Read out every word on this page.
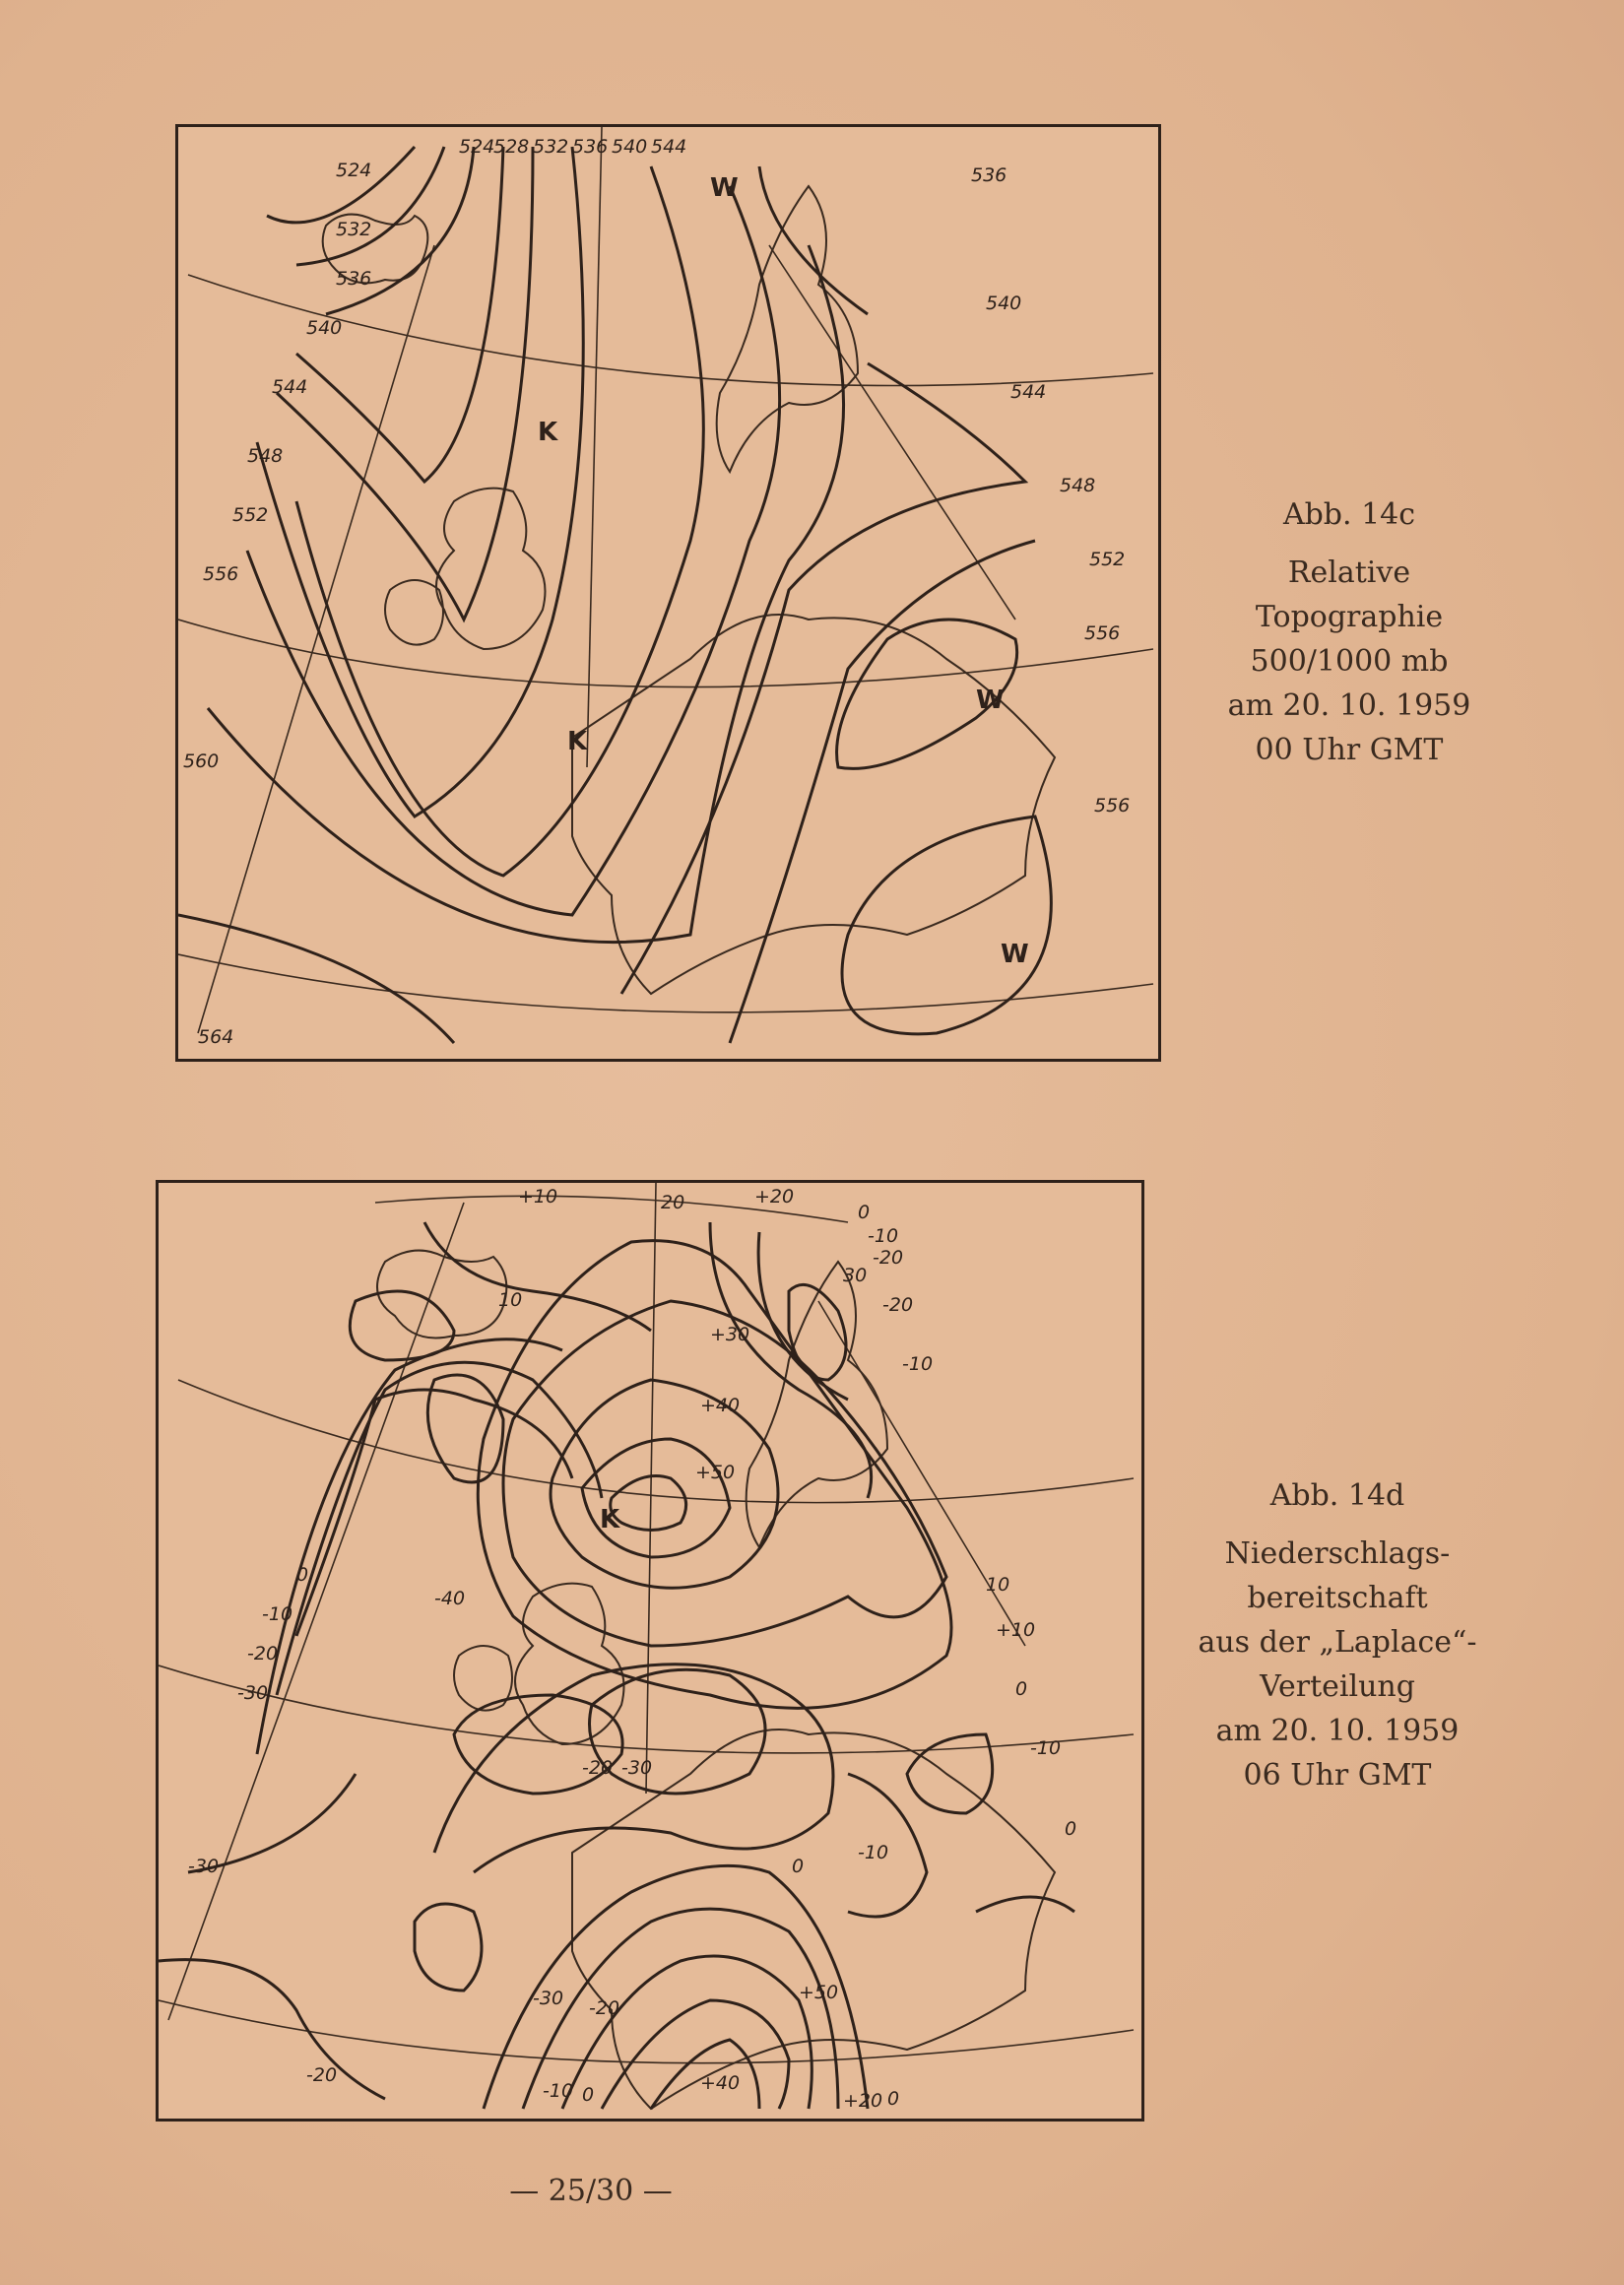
524
528 532 536 540 544
524
532
536
540
544
548
552
556
560
564
536
540
544
548
552
556
556
W
K
K
W
W
Abb. 14c
Relative
Topographie
500/1000 mb
am 20. 10. 1959
00 Uhr GMT
+10	20	+20
0
-10
-20
30
-20
-10
10
+30
+40
+50
-40
0
-10
-20
-30
-30
-20 -30
+10
0
-10
0
0
-10
-30 -20
+50
+40
-20
-10 0	+20 0
10
K
Abb. 14d
Niederschlags-
bereitschaft
aus der „Laplace“-
Verteilung
am 20. 10. 1959
06 Uhr GMT
— 25/30 —
